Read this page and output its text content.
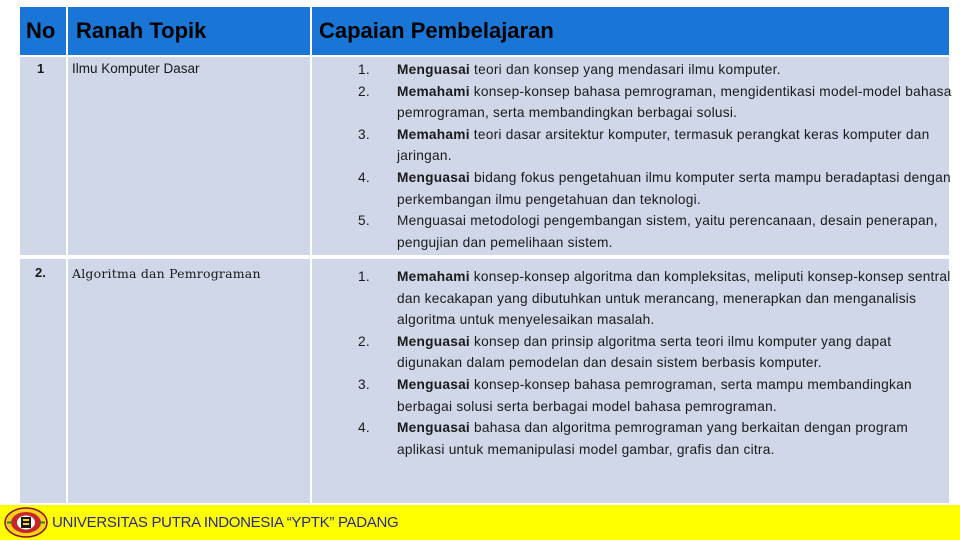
No Ranah Topik	Capaian Pembelajaran
1 Ilmu Komputer Dasar	1. Menguasai teori dan konsep yang mendasari ilmu komputer.
2. Memahami konsep-konsep bahasa pemrograman, mengidentikasi model-model bahasa pemrograman, serta membandingkan berbagai solusi.
3. Memahami teori dasar arsitektur komputer, termasuk perangkat keras komputer dan jaringan.
4. Menguasai bidang fokus pengetahuan ilmu komputer serta mampu beradaptasi dengan perkembangan ilmu pengetahuan dan teknologi.
5. Menguasai metodologi pengembangan sistem, yaitu perencanaan, desain penerapan, pengujian dan pemelihaan sistem.
2. Algoritma dan Pemrograman	1. Memahami konsep-konsep algoritma dan kompleksitas, meliputi konsep-konsep sentral dan kecakapan yang dibutuhkan untuk merancang, menerapkan dan menganalisis algoritma untuk menyelesaikan masalah.
2. Menguasai konsep dan prinsip algoritma serta teori ilmu komputer yang dapat digunakan dalam pemodelan dan desain sistem berbasis komputer.
3. Menguasai konsep-konsep bahasa pemrograman, serta mampu membandingkan berbagai solusi serta berbagai model bahasa pemrograman.
4. Menguasai bahasa dan algoritma pemrograman yang berkaitan dengan program aplikasi untuk memanipulasi model gambar, grafis dan citra.
UNIVERSITAS PUTRA INDONESIA “YPTK” PADANG
